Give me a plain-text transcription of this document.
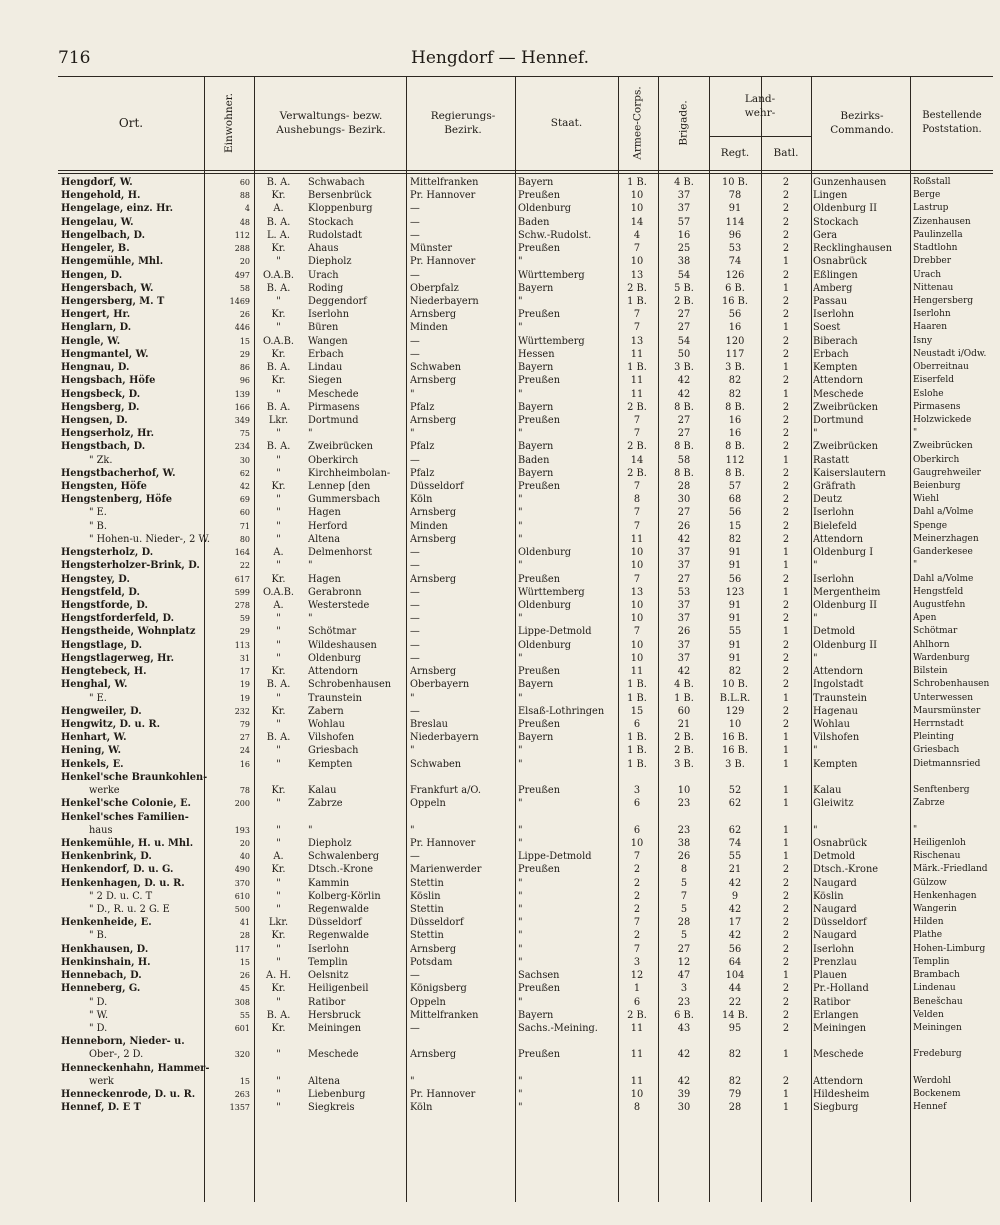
716	Hengdorf — Hennef.
Ort.	Einwohner.	Verwaltungs- bezw. Aushebungs- Bezirk.
Regierungs- Bezirk.
Staat.	Armee-Corps.	Brigade.
Land- wehr-
Regt.	Batl.
Bezirks- Commando.
Bestellende Poststation.
Hengdorf, W.	60	B. A.	Schwabach	Mittelfranken	Bayern	1 B.	4 B.	10 B.	2	Gunzenhausen	Roßstall
Hengehold, H.	88	Kr.	Bersenbrück	Pr. Hannover	Preußen	10	37	78	2	Lingen	Berge
Hengelage, einz. Hr.	4	A.	Kloppenburg	—	Oldenburg	10	37	91	2	Oldenburg II	Lastrup
Hengelau, W.	48	B. A.	Stockach	—	Baden	14	57	114	2	Stockach	Zizenhausen
Hengelbach, D.	112	L. A.	Rudolstadt	—	Schw.-Rudolst.	4	16	96	2	Gera	Paulinzella
Hengeler, B.	288	Kr.	Ahaus	Münster	Preußen	7	25	53	2	Recklinghausen	Stadtlohn
Hengemühle, Mhl.	20	"	Diepholz	Pr. Hannover	"	10	38	74	1	Osnabrück	Drebber
Hengen, D.	497	O.A.B.	Urach	—	Württemberg	13	54	126	2	Eßlingen	Urach
Hengersbach, W.	58	B. A.	Roding	Oberpfalz	Bayern	2 B.	5 B.	6 B.	1	Amberg	Nittenau
Hengersberg, M. T	1469	"	Deggendorf	Niederbayern	"	1 B.	2 B.	16 B.	2	Passau	Hengersberg
Hengert, Hr.	26	Kr.	Iserlohn	Arnsberg	Preußen	7	27	56	2	Iserlohn	Iserlohn
Henglarn, D.	446	"	Büren	Minden	"	7	27	16	1	Soest	Haaren
Hengle, W.	15	O.A.B.	Wangen	—	Württemberg	13	54	120	2	Biberach	Isny
Hengmantel, W.	29	Kr.	Erbach	—	Hessen	11	50	117	2	Erbach	Neustadt i/Odw.
Hengnau, D.	86	B. A.	Lindau	Schwaben	Bayern	1 B.	3 B.	3 B.	1	Kempten	Oberreitnau
Hengsbach, Höfe	96	Kr.	Siegen	Arnsberg	Preußen	11	42	82	2	Attendorn	Eiserfeld
Hengsbeck, D.	139	"	Meschede	"	"	11	42	82	1	Meschede	Eslohe
Hengsberg, D.	166	B. A.	Pirmasens	Pfalz	Bayern	2 B.	8 B.	8 B.	2	Zweibrücken	Pirmasens
Hengsen, D.	349	Lkr.	Dortmund	Arnsberg	Preußen	7	27	16	2	Dortmund	Holzwickede
Hengserholz, Hr.	75	"	"	"	"	7	27	16	2	"	"
Hengstbach, D.	234	B. A.	Zweibrücken	Pfalz	Bayern	2 B.	8 B.	8 B.	2	Zweibrücken	Zweibrücken
" Zk.	30	"	Oberkirch	—	Baden	14	58	112	1	Rastatt	Oberkirch
Hengstbacherhof, W.	62	"	Kirchheimbolan-	Pfalz	Bayern	2 B.	8 B.	8 B.	2	Kaiserslautern	Gaugrehweiler
Hengsten, Höfe	42	Kr.	Lennep [den	Düsseldorf	Preußen	7	28	57	2	Gräfrath	Beienburg
Hengstenberg, Höfe	69	"	Gummersbach	Köln	"	8	30	68	2	Deutz	Wiehl
" E.	60	"	Hagen	Arnsberg	"	7	27	56	2	Iserlohn	Dahl a/Volme
" B.	71	"	Herford	Minden	"	7	26	15	2	Bielefeld	Spenge
" Hohen-u. Nieder-, 2 W.	80	"	Altena	Arnsberg	"	11	42	82	2	Attendorn	Meinerzhagen
Hengsterholz, D.	164	A.	Delmenhorst	—	Oldenburg	10	37	91	1	Oldenburg I	Ganderkesee
Hengsterholzer-Brink, D.	22	"	"	—	"	10	37	91	1	"	"
Hengstey, D.	617	Kr.	Hagen	Arnsberg	Preußen	7	27	56	2	Iserlohn	Dahl a/Volme
Hengstfeld, D.	599	O.A.B.	Gerabronn	—	Württemberg	13	53	123	1	Mergentheim	Hengstfeld
Hengstforde, D.	278	A.	Westerstede	—	Oldenburg	10	37	91	2	Oldenburg II	Augustfehn
Hengstforderfeld, D.	59	"	"	—	"	10	37	91	2	"	Apen
Hengstheide, Wohnplatz	29	"	Schötmar	—	Lippe-Detmold	7	26	55	1	Detmold	Schötmar
Hengstlage, D.	113	"	Wildeshausen	—	Oldenburg	10	37	91	2	Oldenburg II	Ahlhorn
Hengstlagerweg, Hr.	31	"	Oldenburg	—	"	10	37	91	2	"	Wardenburg
Hengtebeck, H.	17	Kr.	Attendorn	Arnsberg	Preußen	11	42	82	2	Attendorn	Bilstein
Henghal, W.	19	B. A.	Schrobenhausen	Oberbayern	Bayern	1 B.	4 B.	10 B.	2	Ingolstadt	Schrobenhausen
" E.	19	"	Traunstein	"	"	1 B.	1 B.	B.L.R.	1	Traunstein	Unterwessen
Hengweiler, D.	232	Kr.	Zabern	—	Elsaß-Lothringen	15	60	129	2	Hagenau	Maursmünster
Hengwitz, D. u. R.	79	"	Wohlau	Breslau	Preußen	6	21	10	2	Wohlau	Herrnstadt
Henhart, W.	27	B. A.	Vilshofen	Niederbayern	Bayern	1 B.	2 B.	16 B.	1	Vilshofen	Pleinting
Hening, W.	24	"	Griesbach	"	"	1 B.	2 B.	16 B.	1	"	Griesbach
Henkels, E.	16	"	Kempten	Schwaben	"	1 B.	3 B.	3 B.	1	Kempten	Dietmannsried
Henkel'sche Braunkohlen-
werke	78	Kr.	Kalau	Frankfurt a/O.	Preußen	3	10	52	1	Kalau	Senftenberg
Henkel'sche Colonie, E.	200	"	Zabrze	Oppeln	"	6	23	62	1	Gleiwitz	Zabrze
Henkel'sches Familien-
haus	193	"	"	"	"	6	23	62	1	"	"
Henkemühle, H. u. Mhl.	20	"	Diepholz	Pr. Hannover	"	10	38	74	1	Osnabrück	Heiligenloh
Henkenbrink, D.	40	A.	Schwalenberg	—	Lippe-Detmold	7	26	55	1	Detmold	Rischenau
Henkendorf, D. u. G.	490	Kr.	Dtsch.-Krone	Marienwerder	Preußen	2	8	21	2	Dtsch.-Krone	Märk.-Friedland
Henkenhagen, D. u. R.	370	"	Kammin	Stettin	"	2	5	42	2	Naugard	Gülzow
" 2 D. u. C. T	610	"	Kolberg-Körlin	Köslin	"	2	7	9	2	Köslin	Henkenhagen
" D., R. u. 2 G. E	500	"	Regenwalde	Stettin	"	2	5	42	2	Naugard	Wangerin
Henkenheide, E.	41	Lkr.	Düsseldorf	Düsseldorf	"	7	28	17	2	Düsseldorf	Hilden
" B.	28	Kr.	Regenwalde	Stettin	"	2	5	42	2	Naugard	Plathe
Henkhausen, D.	117	"	Iserlohn	Arnsberg	"	7	27	56	2	Iserlohn	Hohen-Limburg
Henkinshain, H.	15	"	Templin	Potsdam	"	3	12	64	2	Prenzlau	Templin
Hennebach, D.	26	A. H.	Oelsnitz	—	Sachsen	12	47	104	1	Plauen	Brambach
Henneberg, G.	45	Kr.	Heiligenbeil	Königsberg	Preußen	1	3	44	2	Pr.-Holland	Lindenau
" D.	308	"	Ratibor	Oppeln	"	6	23	22	2	Ratibor	Benešchau
" W.	55	B. A.	Hersbruck	Mittelfranken	Bayern	2 B.	6 B.	14 B.	2	Erlangen	Velden
" D.	601	Kr.	Meiningen	—	Sachs.-Meining.	11	43	95	2	Meiningen	Meiningen
Henneborn, Nieder- u.
Ober-, 2 D.	320	"	Meschede	Arnsberg	Preußen	11	42	82	1	Meschede	Fredeburg
Henneckenhahn, Hammer-
werk	15	"	Altena	"	"	11	42	82	2	Attendorn	Werdohl
Henneckenrode, D. u. R.	263	"	Liebenburg	Pr. Hannover	"	10	39	79	1	Hildesheim	Bockenem
Hennef, D. E T	1357	"	Siegkreis	Köln	"	8	30	28	1	Siegburg	Hennef
